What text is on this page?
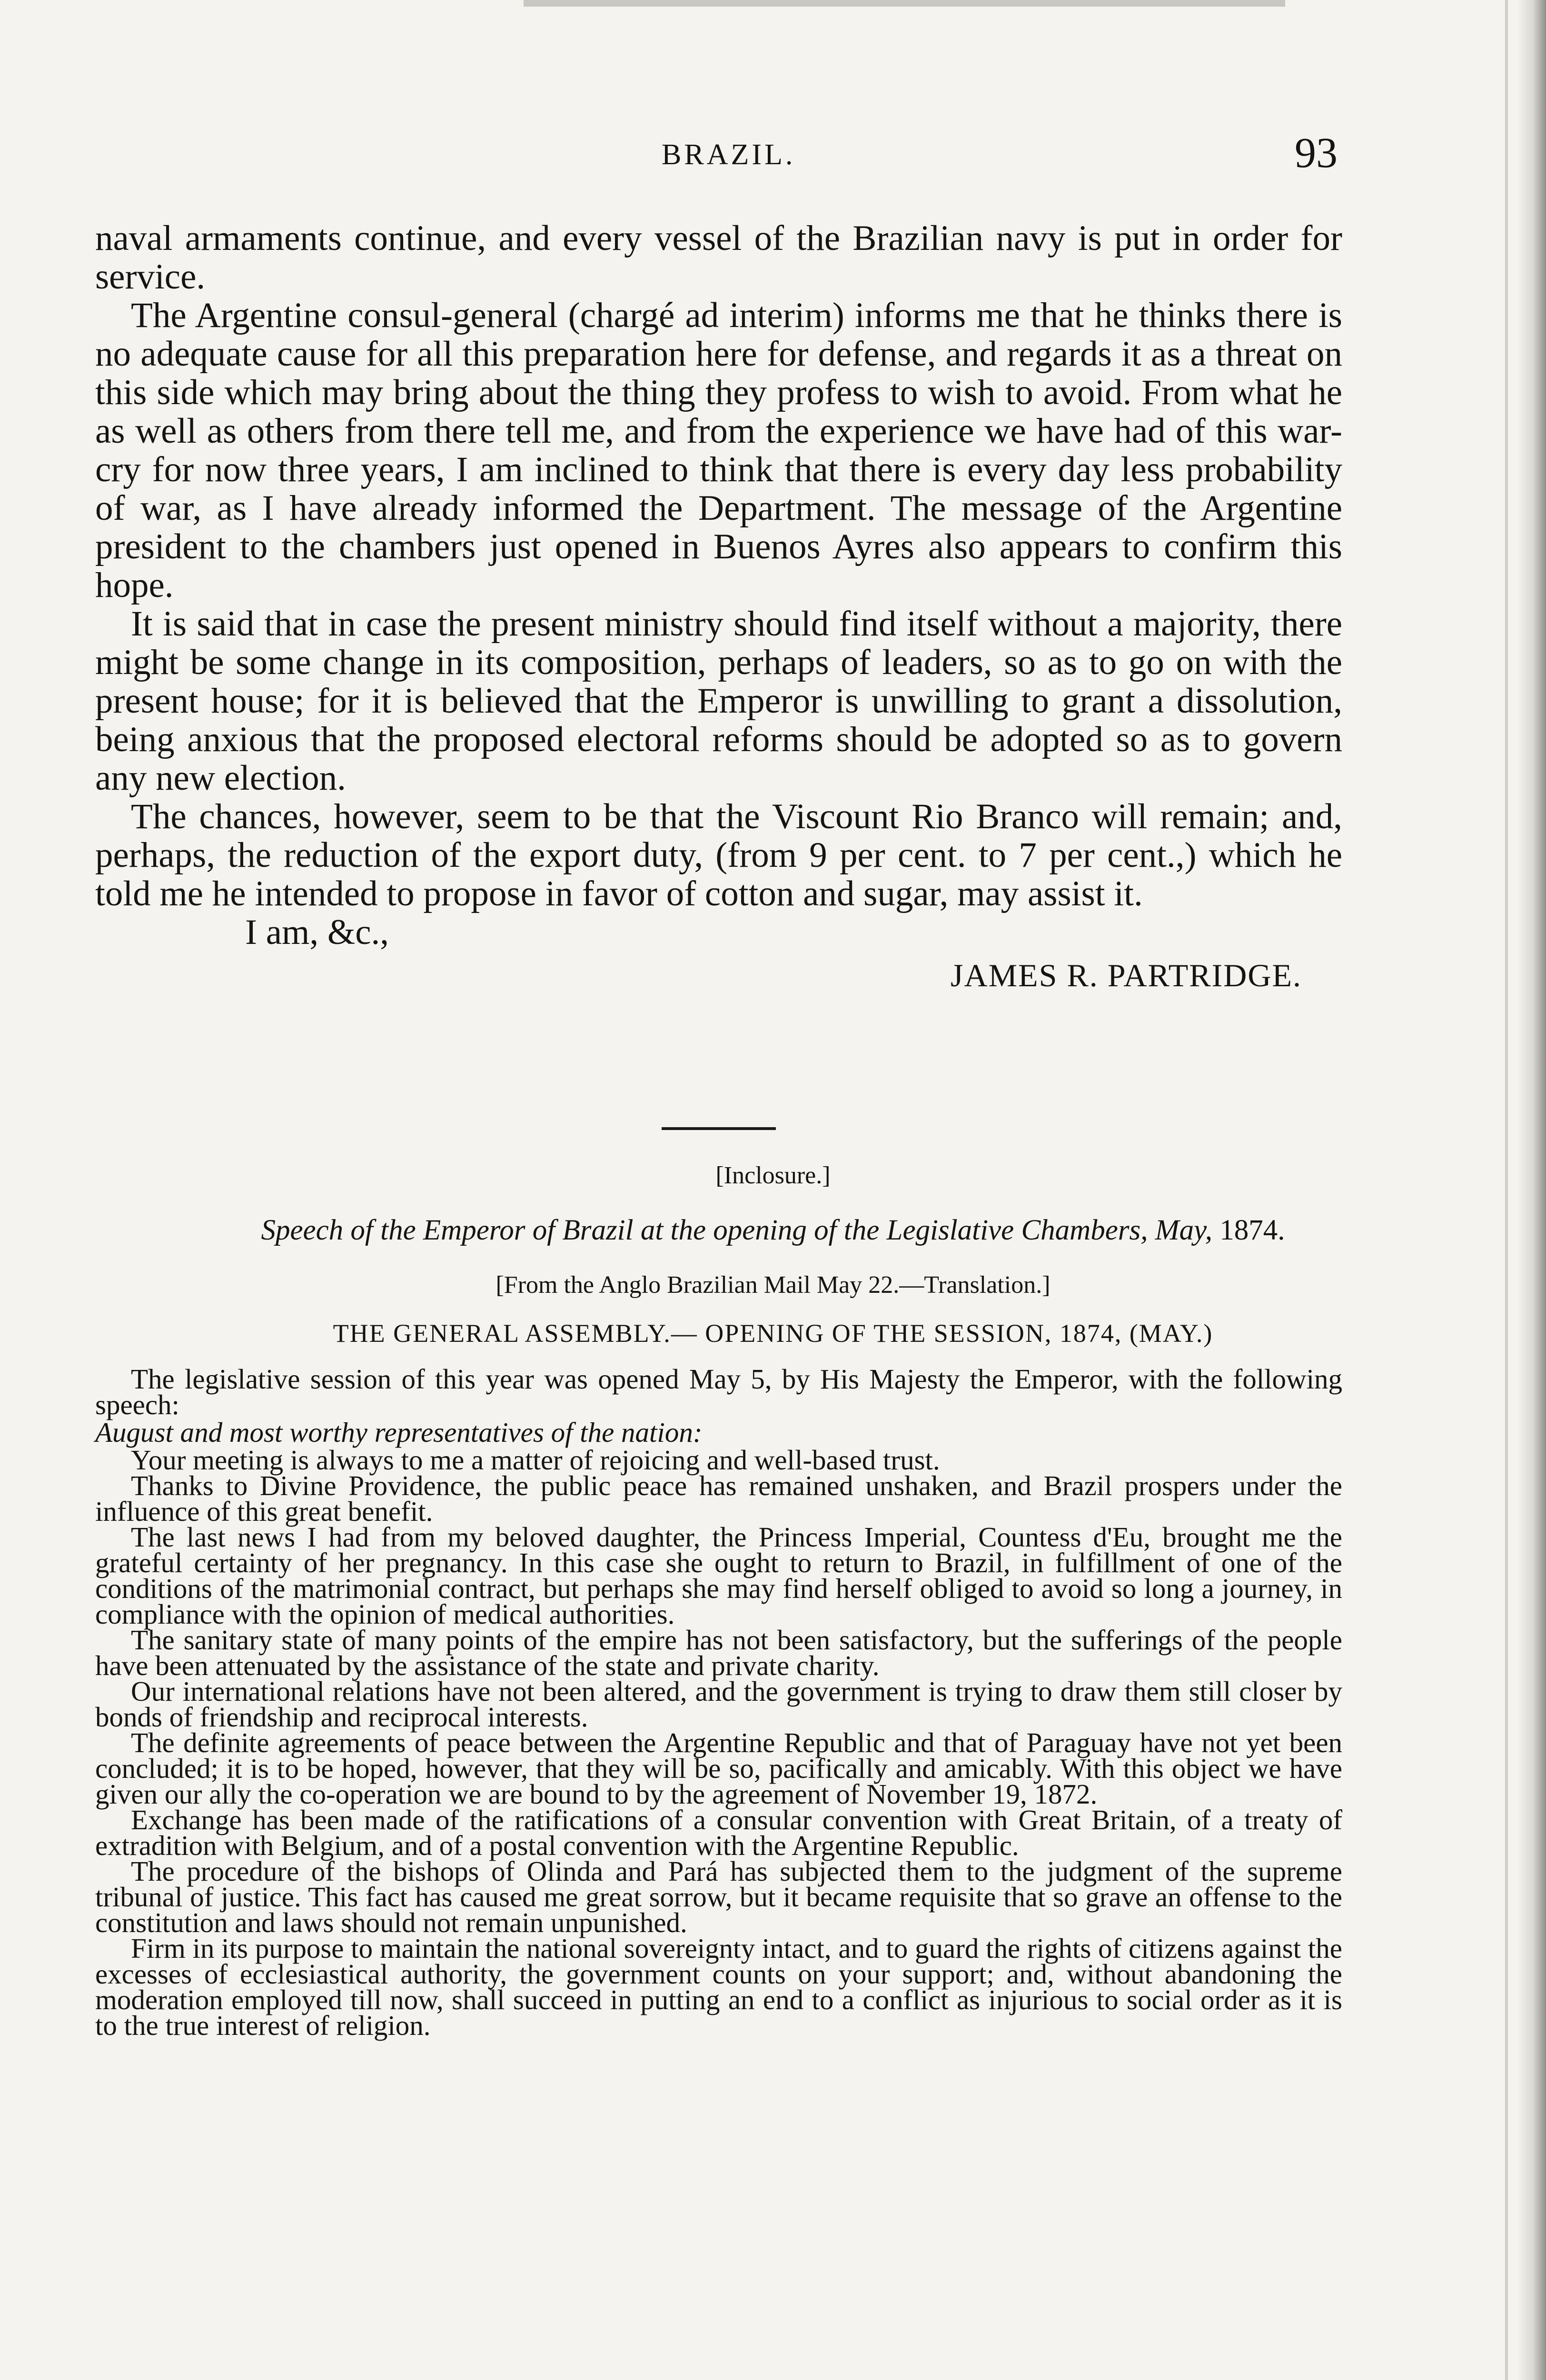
BRAZIL.	93

naval armaments continue, and every vessel of the Brazilian navy is put in order for service.

The Argentine consul-general (chargé ad interim) informs me that he thinks there is no adequate cause for all this preparation here for defense, and regards it as a threat on this side which may bring about the thing they profess to wish to avoid. From what he as well as others from there tell me, and from the experience we have had of this war-cry for now three years, I am inclined to think that there is every day less probability of war, as I have already informed the Department. The message of the Argentine president to the chambers just opened in Buenos Ayres also appears to confirm this hope.

It is said that in case the present ministry should find itself without a majority, there might be some change in its composition, perhaps of leaders, so as to go on with the present house; for it is believed that the Emperor is unwilling to grant a dissolution, being anxious that the proposed electoral reforms should be adopted so as to govern any new election.

The chances, however, seem to be that the Viscount Rio Branco will remain; and, perhaps, the reduction of the export duty, (from 9 per cent. to 7 per cent.,) which he told me he intended to propose in favor of cotton and sugar, may assist it.

I am, &c.,

JAMES R. PARTRIDGE.
[Inclosure.]
Speech of the Emperor of Brazil at the opening of the Legislative Chambers, May, 1874.
[From the Anglo Brazilian Mail May 22.—Translation.]
THE GENERAL ASSEMBLY.— OPENING OF THE SESSION, 1874, (MAY.)

The legislative session of this year was opened May 5, by His Majesty the Emperor, with the following speech:

August and most worthy representatives of the nation:

Your meeting is always to me a matter of rejoicing and well-based trust.

Thanks to Divine Providence, the public peace has remained unshaken, and Brazil prospers under the influence of this great benefit.

The last news I had from my beloved daughter, the Princess Imperial, Countess d'Eu, brought me the grateful certainty of her pregnancy. In this case she ought to return to Brazil, in fulfillment of one of the conditions of the matrimonial contract, but perhaps she may find herself obliged to avoid so long a journey, in compliance with the opinion of medical authorities.

The sanitary state of many points of the empire has not been satisfactory, but the sufferings of the people have been attenuated by the assistance of the state and private charity.

Our international relations have not been altered, and the government is trying to draw them still closer by bonds of friendship and reciprocal interests.

The definite agreements of peace between the Argentine Republic and that of Paraguay have not yet been concluded; it is to be hoped, however, that they will be so, pacifically and amicably. With this object we have given our ally the co-operation we are bound to by the agreement of November 19, 1872.

Exchange has been made of the ratifications of a consular convention with Great Britain, of a treaty of extradition with Belgium, and of a postal convention with the Argentine Republic.

The procedure of the bishops of Olinda and Pará has subjected them to the judgment of the supreme tribunal of justice. This fact has caused me great sorrow, but it became requisite that so grave an offense to the constitution and laws should not remain unpunished.

Firm in its purpose to maintain the national sovereignty intact, and to guard the rights of citizens against the excesses of ecclesiastical authority, the government counts on your support; and, without abandoning the moderation employed till now, shall succeed in putting an end to a conflict as injurious to social order as it is to the true interest of religion.
